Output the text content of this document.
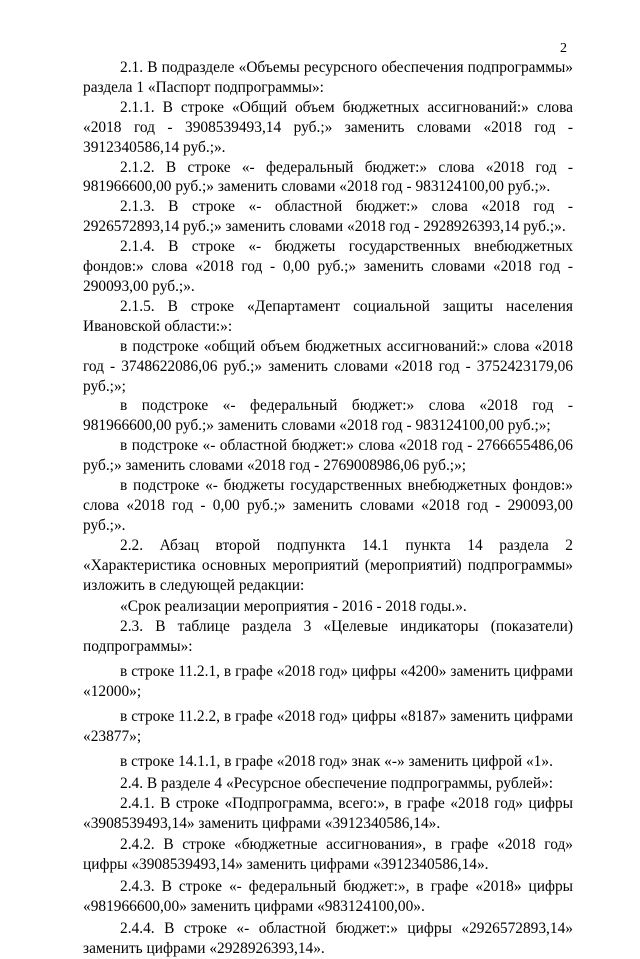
2

2.1. В подразделе «Объемы ресурсного обеспечения подпрограммы» раздела 1 «Паспорт подпрограммы»:

2.1.1. В строке «Общий объем бюджетных ассигнований:» слова «2018 год - 3908539493,14 руб.;» заменить словами «2018 год - 3912340586,14 руб.;».

2.1.2. В строке «- федеральный бюджет:» слова «2018 год - 981966600,00 руб.;» заменить словами «2018 год - 983124100,00 руб.;».

2.1.3. В строке «- областной бюджет:» слова «2018 год - 2926572893,14 руб.;» заменить словами «2018 год - 2928926393,14 руб.;».

2.1.4. В строке «- бюджеты государственных внебюджетных фондов:» слова «2018 год - 0,00 руб.;» заменить словами «2018 год - 290093,00 руб.;».

2.1.5. В строке «Департамент социальной защиты населения Ивановской области:»:

в подстроке «общий объем бюджетных ассигнований:» слова «2018 год - 3748622086,06 руб.;» заменить словами «2018 год - 3752423179,06 руб.;»;

в подстроке «- федеральный бюджет:» слова «2018 год - 981966600,00 руб.;» заменить словами «2018 год - 983124100,00 руб.;»;

в подстроке «- областной бюджет:» слова «2018 год - 2766655486,06 руб.;» заменить словами «2018 год - 2769008986,06 руб.;»;

в подстроке «- бюджеты государственных внебюджетных фондов:» слова «2018 год - 0,00 руб.;» заменить словами «2018 год - 290093,00 руб.;».

2.2. Абзац второй подпункта 14.1 пункта 14 раздела 2 «Характеристика основных мероприятий (мероприятий) подпрограммы» изложить в следующей редакции:

«Срок реализации мероприятия - 2016 - 2018 годы.».

2.3. В таблице раздела 3 «Целевые индикаторы (показатели) подпрограммы»:

в строке 11.2.1, в графе «2018 год» цифры «4200» заменить цифрами «12000»;

в строке 11.2.2, в графе «2018 год» цифры «8187» заменить цифрами «23877»;

в строке 14.1.1, в графе «2018 год» знак «-» заменить цифрой «1».

2.4. В разделе 4 «Ресурсное обеспечение подпрограммы, рублей»:

2.4.1. В строке «Подпрограмма, всего:», в графе «2018 год» цифры «3908539493,14» заменить цифрами «3912340586,14».

2.4.2. В строке «бюджетные ассигнования», в графе «2018 год» цифры «3908539493,14» заменить цифрами «3912340586,14».

2.4.3. В строке «- федеральный бюджет:», в графе «2018» цифры «981966600,00» заменить цифрами «983124100,00».

2.4.4. В строке «- областной бюджет:» цифры «2926572893,14» заменить цифрами «2928926393,14».
